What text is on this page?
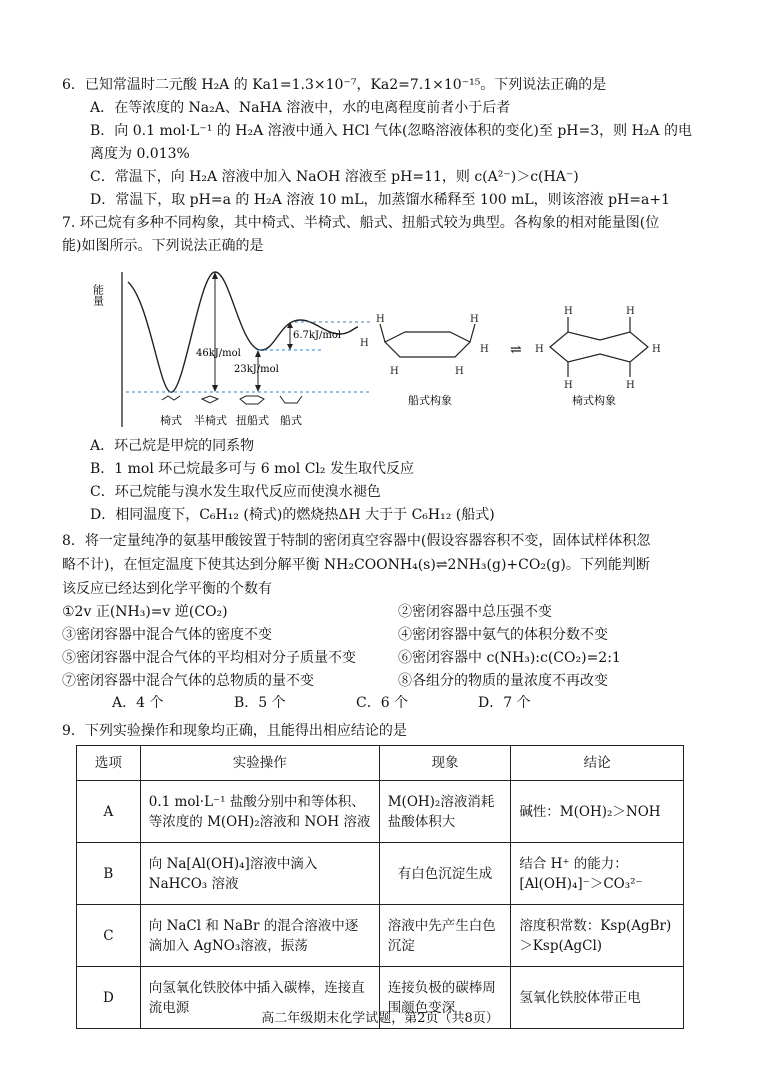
6．已知常温时二元酸 H₂A 的 Ka1=1.3×10⁻⁷，Ka2=7.1×10⁻¹⁵。下列说法正确的是
A．在等浓度的 Na₂A、NaHA 溶液中，水的电离程度前者小于后者
B．向 0.1 mol·L⁻¹ 的 H₂A 溶液中通入 HCl 气体(忽略溶液体积的变化)至 pH=3，则 H₂A 的电
离度为 0.013%
C．常温下，向 H₂A 溶液中加入 NaOH 溶液至 pH=11，则 c(A²⁻)＞c(HA⁻)
D．常温下，取 pH=a 的 H₂A 溶液 10 mL，加蒸馏水稀释至 100 mL，则该溶液 pH=a+1
7. 环己烷有多种不同构象，其中椅式、半椅式、船式、扭船式较为典型。各构象的相对能量图(位
能)如图所示。下列说法正确的是
能量
6.7kJ/mol
46kJ/mol
23kJ/mol
椅式 半椅式 扭船式 船式
H	H
H
H	H
H
船式构象
⇌
H	H
H	H
H	H
椅式构象
A．环己烷是甲烷的同系物
B．1 mol 环己烷最多可与 6 mol Cl₂ 发生取代反应
C．环己烷能与溴水发生取代反应而使溴水褪色
D．相同温度下，C₆H₁₂ (椅式)的燃烧热ΔH 大于于 C₆H₁₂ (船式)
8．将一定量纯净的氨基甲酸铵置于特制的密闭真空容器中(假设容器容积不变，固体试样体积忽
略不计)，在恒定温度下使其达到分解平衡 NH₂COONH₄(s)⇌2NH₃(g)+CO₂(g)。下列能判断
该反应已经达到化学平衡的个数有
①2v 正(NH₃)=v 逆(CO₂)	②密闭容器中总压强不变
③密闭容器中混合气体的密度不变	④密闭容器中氨气的体积分数不变
⑤密闭容器中混合气体的平均相对分子质量不变	⑥密闭容器中 c(NH₃):c(CO₂)=2:1
⑦密闭容器中混合气体的总物质的量不变	⑧各组分的物质的量浓度不再改变
A．4 个	B．5 个	C．6 个	D．7 个
9．下列实验操作和现象均正确，且能得出相应结论的是
选项	实验操作	现象	结论
A	0.1 mol·L⁻¹ 盐酸分别中和等体积、等浓度的 M(OH)₂溶液和 NOH 溶液	M(OH)₂溶液消耗盐酸体积大	碱性：M(OH)₂＞NOH
B	向 Na[Al(OH)₄]溶液中滴入 NaHCO₃ 溶液	有白色沉淀生成	结合 H⁺ 的能力：[Al(OH)₄]⁻＞CO₃²⁻
C	向 NaCl 和 NaBr 的混合溶液中逐滴加入 AgNO₃溶液，振荡	溶液中先产生白色沉淀	溶度积常数：Ksp(AgBr)＞Ksp(AgCl)
D	向氢氧化铁胶体中插入碳棒，连接直流电源	连接负极的碳棒周围颜色变深	氢氧化铁胶体带正电
高二年级期末化学试题，第2页（共8页）
